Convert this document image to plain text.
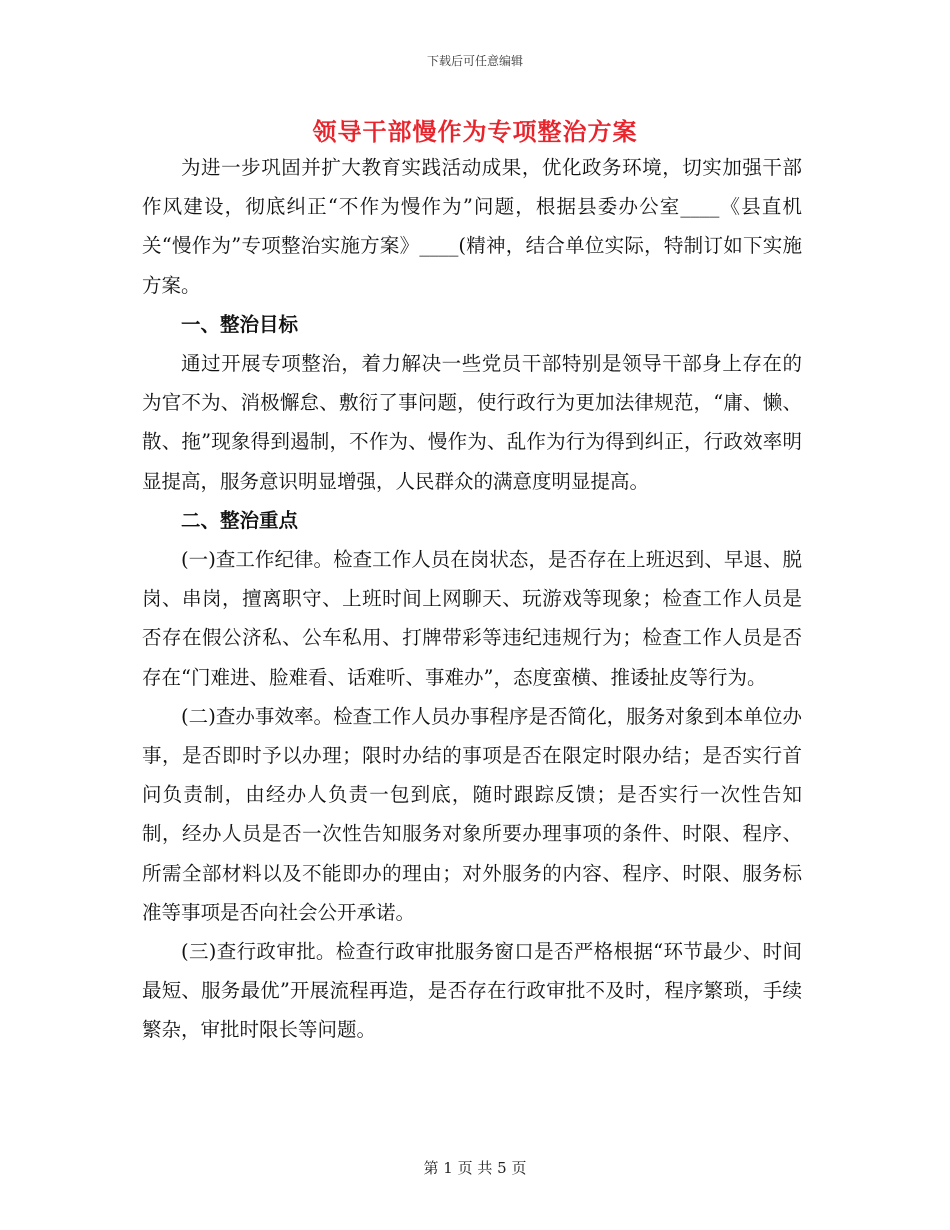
下载后可任意编辑
领导干部慢作为专项整治方案

为进一步巩固并扩大教育实践活动成果，优化政务环境，切实加强干部作风建设，彻底纠正“不作为慢作为”问题，根据县委办公室____《县直机关“慢作为”专项整治实施方案》____(精神，结合单位实际，特制订如下实施方案。

一、整治目标

通过开展专项整治，着力解决一些党员干部特别是领导干部身上存在的为官不为、消极懈怠、敷衍了事问题，使行政行为更加法律规范，“庸、懒、散、拖”现象得到遏制，不作为、慢作为、乱作为行为得到纠正，行政效率明显提高，服务意识明显增强，人民群众的满意度明显提高。

二、整治重点

(一)查工作纪律。检查工作人员在岗状态，是否存在上班迟到、早退、脱岗、串岗，擅离职守、上班时间上网聊天、玩游戏等现象；检查工作人员是否存在假公济私、公车私用、打牌带彩等违纪违规行为；检查工作人员是否存在“门难进、脸难看、话难听、事难办”，态度蛮横、推诿扯皮等行为。

(二)查办事效率。检查工作人员办事程序是否简化，服务对象到本单位办事，是否即时予以办理；限时办结的事项是否在限定时限办结；是否实行首问负责制，由经办人负责一包到底，随时跟踪反馈；是否实行一次性告知制，经办人员是否一次性告知服务对象所要办理事项的条件、时限、程序、所需全部材料以及不能即办的理由；对外服务的内容、程序、时限、服务标准等事项是否向社会公开承诺。

(三)查行政审批。检查行政审批服务窗口是否严格根据“环节最少、时间最短、服务最优”开展流程再造，是否存在行政审批不及时，程序繁琐，手续繁杂，审批时限长等问题。

第 1 页 共 5 页
